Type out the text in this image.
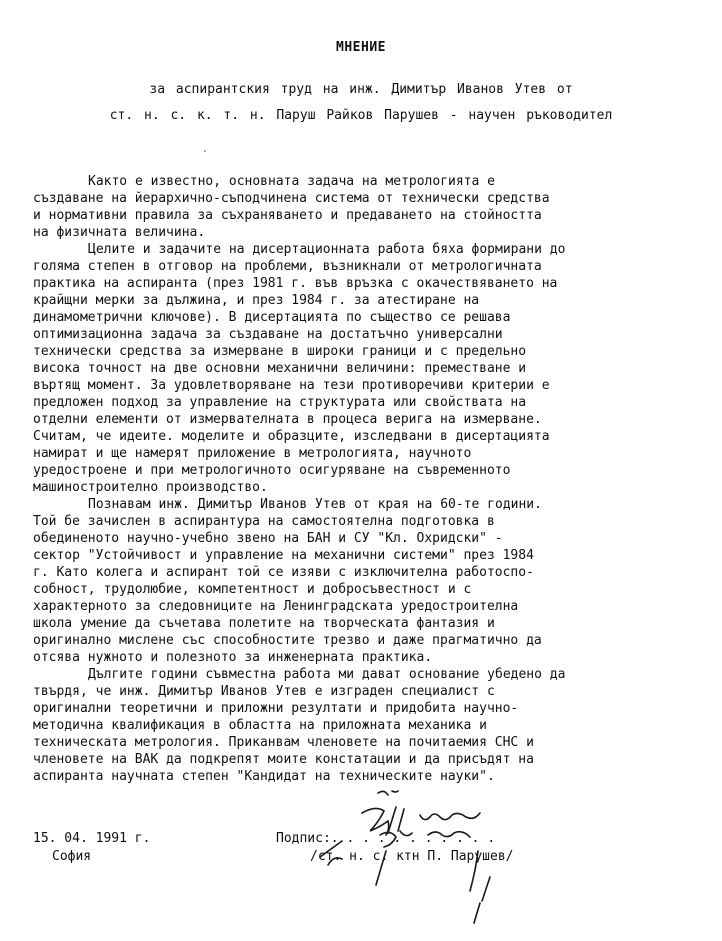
МНЕНИЕ
за аспирантския труд на инж. Димитър Иванов Утев от
ст. н. с. к. т. н. Паруш Райков Парушев - научен ръководител

Както е известно, основната задача на метрологията е

създаване на йерархично-съподчинена система от технически средства

и нормативни правила за съхраняването и предаването на стойността

на физичната величина.

Целите и задачите на дисертационната работа бяха формирани до

голяма степен в отговор на проблеми, възникнали от метрологичната

практика на аспиранта (през 1981 г. във връзка с окачествяването на

крайщни мерки за дължина, и през 1984 г. за атестиране на

динамометрични ключове). В дисертацията по същество се решава

оптимизационна задача за създаване на достатъчно универсални

технически средства за измерване в широки граници и с предельно

висока точност на две основни механични величини: преместване и

въртящ момент. За удовлетворяване на тези противоречиви критерии е

предложен подход за управление на структурата или свойствата на

отделни елементи от измервателната в процеса верига на измерване.

Считам, че идеите. моделите и образците, изследвани в дисертацията

намират и ще намерят приложение в метрологията, научното

уредостроене и при метрологичното осигуряване на съвременното

машиностроително производство.

Познавам инж. Димитър Иванов Утев от края на 60-те години.

Той бе зачислен в аспирантура на самостоятелна подготовка в

обединеното научно-учебно звено на БАН и СУ "Кл. Охридски" -

сектор "Устойчивост и управление на механични системи" през 1984

г. Като колега и аспирант той се изяви с изключителна работоспо-

собност, трудолюбие, компетентност и добросъвестност и с

характерното за следовниците на Ленинградската уредостроителна

школа умение да съчетава полетите на творческата фантазия и

оригинално мислене със способностите трезво и даже прагматично да

отсява нужното и полезното за инженерната практика.

Дългите години съвместна работа ми дават основание убедено да

твърдя, че инж. Димитър Иванов Утев е изграден специалист с

оригинални теоретични и приложни резултати и придобита научно-

методична квалификация в областта на приложната механика и

техническата метрология. Приканвам членовете на почитаемия СНС и

членовете на ВАК да подкрепят моите констатации и да присъдят на

аспиранта научната степен "Кандидат на техническите науки".

15. 04. 1991 г.
София
Подпис:. . . . . . . . . . .
/ст. н. с. ктн П. Парушев/
